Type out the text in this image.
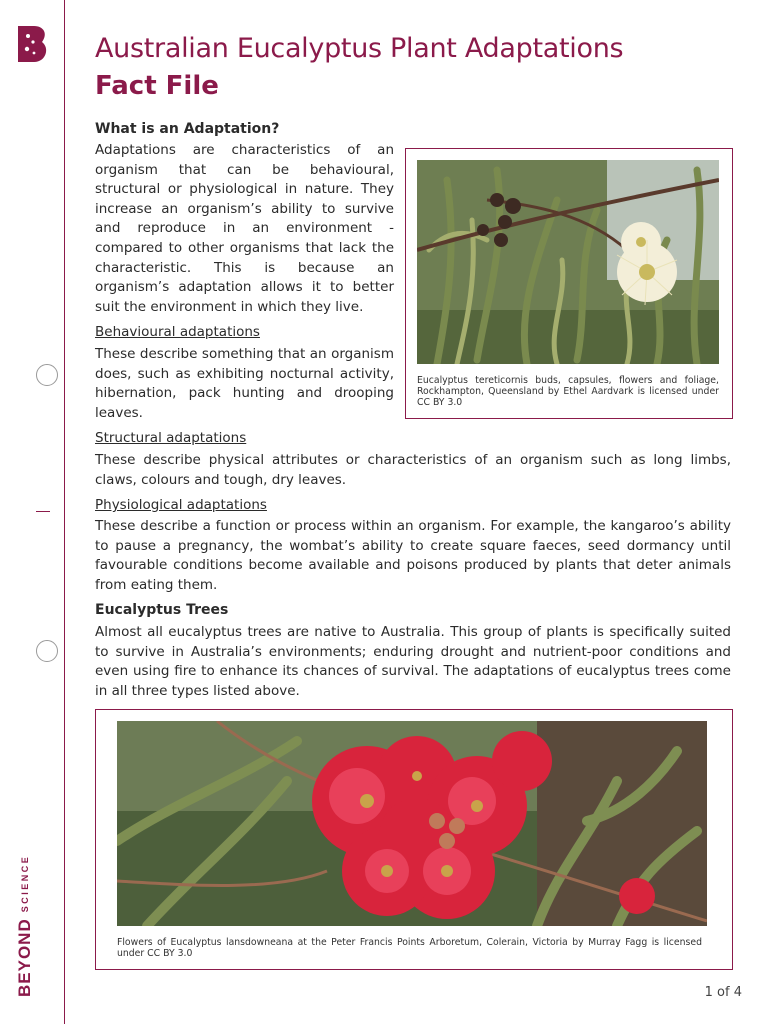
BEYONDSCIENCE
Australian Eucalyptus Plant Adaptations
Fact File
What is an Adaptation?
Adaptations are characteristics of an organism that can be behavioural, structural or physiological in nature. They increase an organism’s ability to survive and reproduce in an environment - compared to other organisms that lack the characteristic. This is because an organism’s adaptation allows it to better suit the environment in which they live.
Behavioural adaptations
These describe something that an organism does, such as exhibiting nocturnal activity, hibernation, pack hunting and drooping leaves.
Eucalyptus tereticornis buds, capsules, flowers and foliage, Rockhampton, Queensland by Ethel Aardvark is licensed under CC BY 3.0
Structural adaptations
These describe physical attributes or characteristics of an organism such as long limbs, claws, colours and tough, dry leaves.
Physiological adaptations
These describe a function or process within an organism. For example, the kangaroo’s ability to pause a pregnancy, the wombat’s ability to create square faeces, seed dormancy until favourable conditions become available and poisons produced by plants that deter animals from eating them.
Eucalyptus Trees
Almost all eucalyptus trees are native to Australia. This group of plants is specifically suited to survive in Australia’s environments; enduring drought and nutrient-poor conditions and even using fire to enhance its chances of survival. The adaptations of eucalyptus trees come in all three types listed above.
Flowers of Eucalyptus lansdowneana at the Peter Francis Points Arboretum, Colerain, Victoria by Murray Fagg is licensed under CC BY 3.0
1 of 4
